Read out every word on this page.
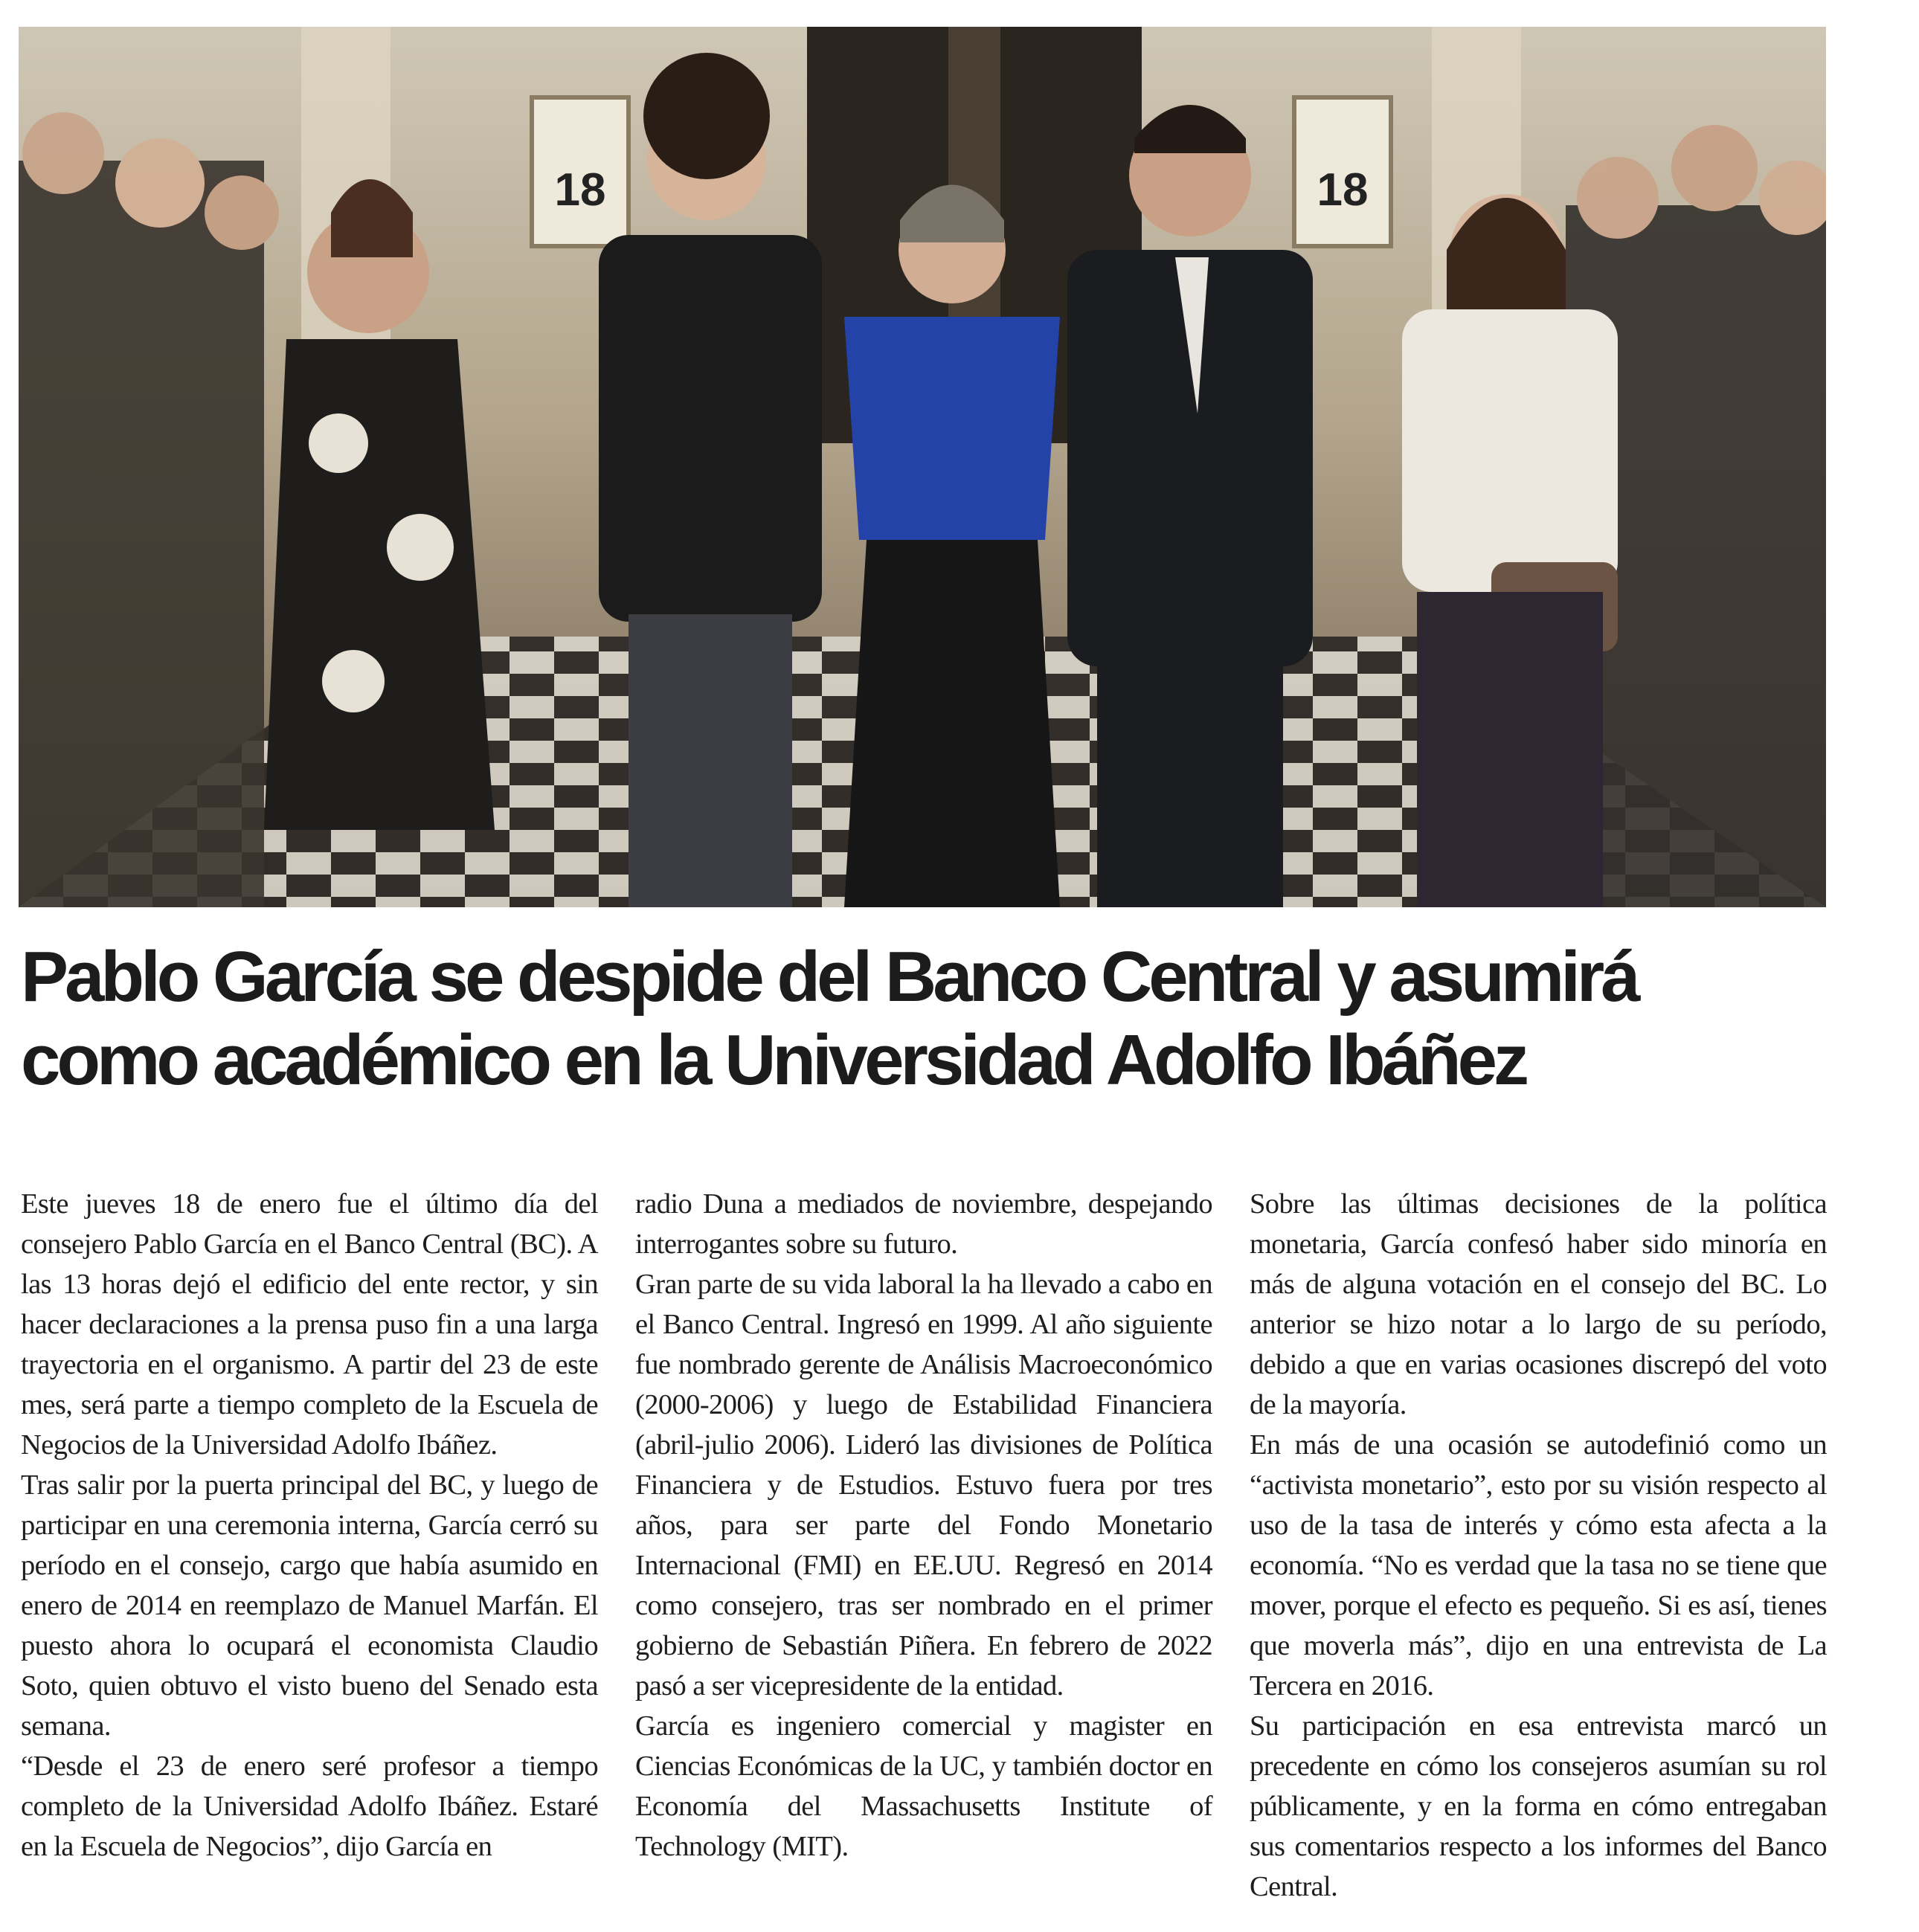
18	18
Pablo García se despide del Banco Central y asumirá
como académico en la Universidad Adolfo Ibáñez

Este jueves 18 de enero fue el último día del consejero Pablo García en el Banco Central (BC). A las 13 horas dejó el edificio del ente rector, y sin hacer declaraciones a la prensa puso fin a una larga trayectoria en el organismo. A partir del 23 de este mes, será parte a tiempo completo de la Escuela de Negocios de la Universidad Adolfo Ibáñez.

Tras salir por la puerta principal del BC, y luego de participar en una ceremonia interna, García cerró su período en el consejo, cargo que había asumido en enero de 2014 en reemplazo de Manuel Marfán. El puesto ahora lo ocupará el economista Claudio Soto, quien obtuvo el visto bueno del Senado esta semana.

“Desde el 23 de enero seré profesor a tiempo completo de la Universidad Adolfo Ibáñez. Estaré en la Escuela de Negocios”, dijo García en

radio Duna a mediados de noviembre, despejando interrogantes sobre su futuro.

Gran parte de su vida laboral la ha llevado a cabo en el Banco Central. Ingresó en 1999. Al año siguiente fue nombrado gerente de Análisis Macroeconómico (2000-2006) y luego de Estabilidad Financiera (abril-julio 2006). Lideró las divisiones de Política Financiera y de Estudios. Estuvo fuera por tres años, para ser parte del Fondo Monetario Internacional (FMI) en EE.UU. Regresó en 2014 como consejero, tras ser nombrado en el primer gobierno de Sebastián Piñera. En febrero de 2022 pasó a ser vicepresidente de la entidad.

García es ingeniero comercial y magister en Ciencias Económicas de la UC, y también doctor en Economía del Massachusetts Institute of Technology (MIT).

Sobre las últimas decisiones de la política monetaria, García confesó haber sido minoría en más de alguna votación en el consejo del BC. Lo anterior se hizo notar a lo largo de su período, debido a que en varias ocasiones discrepó del voto de la mayoría.

En más de una ocasión se autodefinió como un “activista monetario”, esto por su visión respecto al uso de la tasa de interés y cómo esta afecta a la economía. “No es verdad que la tasa no se tiene que mover, porque el efecto es pequeño. Si es así, tienes que moverla más”, dijo en una entrevista de La Tercera en 2016.

Su participación en esa entrevista marcó un precedente en cómo los consejeros asumían su rol públicamente, y en la forma en cómo entregaban sus comentarios respecto a los informes del Banco Central.
